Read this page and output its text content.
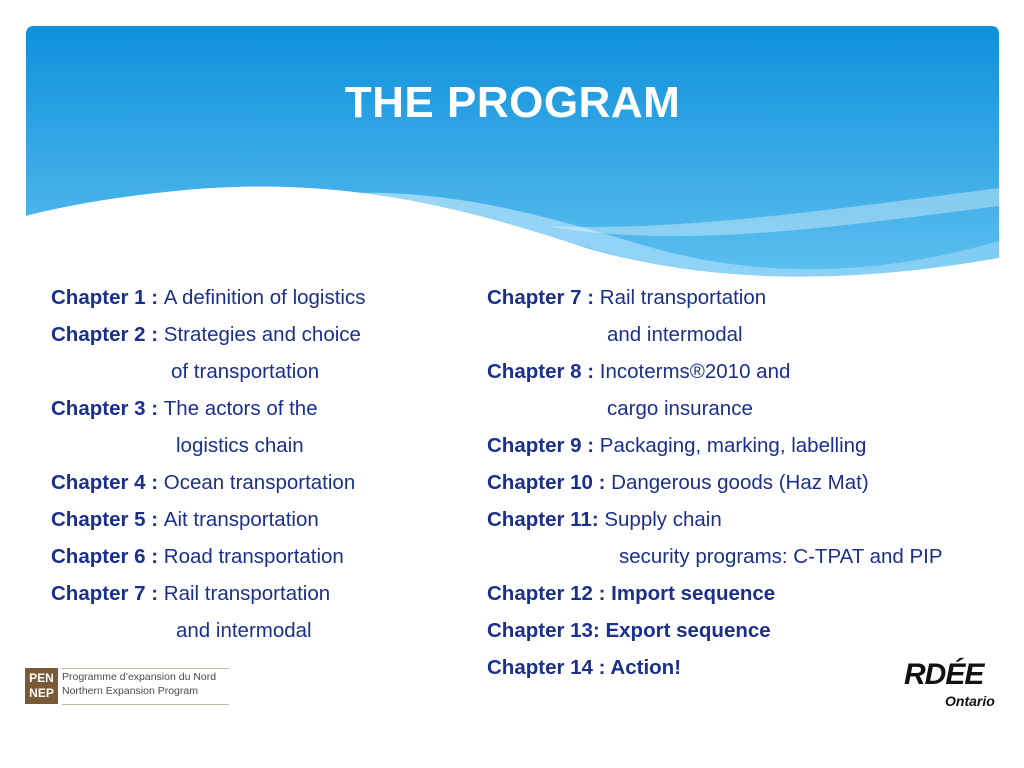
THE PROGRAM
Chapter 1 : A definition of logistics
Chapter 2 : Strategies and choice
of transportation
Chapter 3 : The actors of the
logistics chain
Chapter 4 : Ocean transportation
Chapter 5 : Ait transportation
Chapter 6 : Road transportation
Chapter 7 : Rail transportation
and intermodal
Chapter 7 : Rail transportation
and intermodal
Chapter 8 : Incoterms®2010 and
cargo insurance
Chapter 9 : Packaging, marking, labelling
Chapter 10 : Dangerous goods (Haz Mat)
Chapter 11: Supply chain
security programs: C-TPAT and PIP
Chapter 12 : Import sequence
Chapter 13: Export sequence
Chapter 14 : Action!
PEN
NEP
Programme d’expansion du Nord
Northern Expansion Program	RDÉE
Ontario
